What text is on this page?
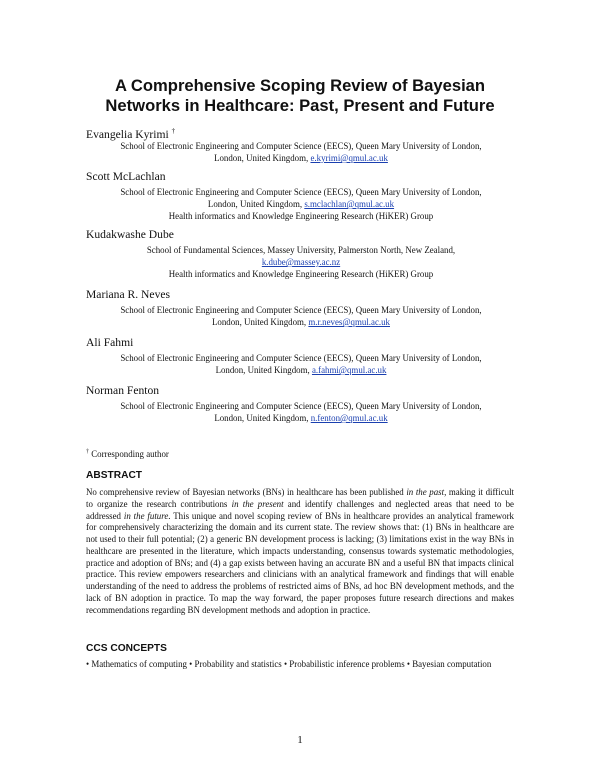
A Comprehensive Scoping Review of Bayesian
Networks in Healthcare: Past, Present and Future
Evangelia Kyrimi †
School of Electronic Engineering and Computer Science (EECS), Queen Mary University of London,
London, United Kingdom, e.kyrimi@qmul.ac.uk
Scott McLachlan
School of Electronic Engineering and Computer Science (EECS), Queen Mary University of London,
London, United Kingdom, s.mclachlan@qmul.ac.uk
Health informatics and Knowledge Engineering Research (HiKER) Group
Kudakwashe Dube
School of Fundamental Sciences, Massey University, Palmerston North, New Zealand,
k.dube@massey.ac.nz
Health informatics and Knowledge Engineering Research (HiKER) Group
Mariana R. Neves
School of Electronic Engineering and Computer Science (EECS), Queen Mary University of London,
London, United Kingdom, m.r.neves@qmul.ac.uk
Ali Fahmi
School of Electronic Engineering and Computer Science (EECS), Queen Mary University of London,
London, United Kingdom, a.fahmi@qmul.ac.uk
Norman Fenton
School of Electronic Engineering and Computer Science (EECS), Queen Mary University of London,
London, United Kingdom, n.fenton@qmul.ac.uk
† Corresponding author
ABSTRACT
No comprehensive review of Bayesian networks (BNs) in healthcare has been published in the past, making it difficult to organize the research contributions in the present and identify challenges and neglected areas that need to be addressed in the future. This unique and novel scoping review of BNs in healthcare provides an analytical framework for comprehensively characterizing the domain and its current state. The review shows that: (1) BNs in healthcare are not used to their full potential; (2) a generic BN development process is lacking; (3) limitations exist in the way BNs in healthcare are presented in the literature, which impacts understanding, consensus towards systematic methodologies, practice and adoption of BNs; and (4) a gap exists between having an accurate BN and a useful BN that impacts clinical practice. This review empowers researchers and clinicians with an analytical framework and findings that will enable understanding of the need to address the problems of restricted aims of BNs, ad hoc BN development methods, and the lack of BN adoption in practice. To map the way forward, the paper proposes future research directions and makes recommendations regarding BN development methods and adoption in practice.
CCS CONCEPTS
• Mathematics of computing • Probability and statistics • Probabilistic inference problems • Bayesian computation
1
